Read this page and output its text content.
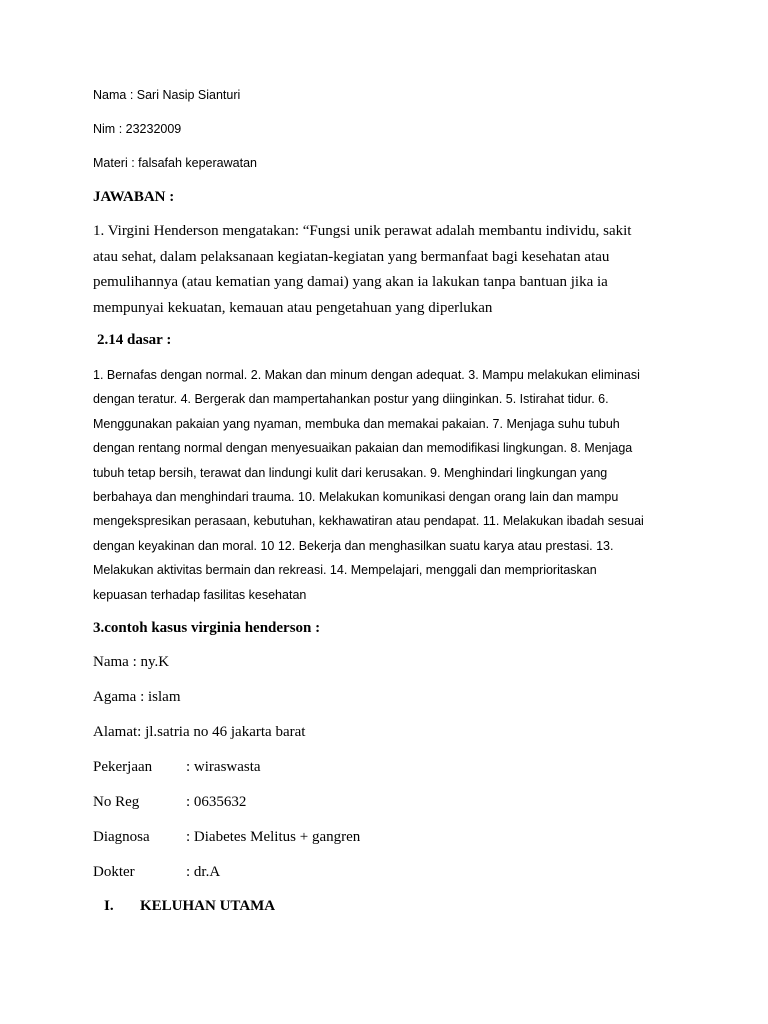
Nama : Sari Nasip Sianturi
Nim : 23232009
Materi : falsafah keperawatan
JAWABAN :
1. Virgini Henderson mengatakan: “Fungsi unik perawat adalah membantu individu, sakit
atau sehat, dalam pelaksanaan kegiatan-kegiatan yang bermanfaat bagi kesehatan atau
pemulihannya (atau kematian yang damai) yang akan ia lakukan tanpa bantuan jika ia
mempunyai kekuatan, kemauan atau pengetahuan yang diperlukan
2.14 dasar :
1. Bernafas dengan normal. 2. Makan dan minum dengan adequat. 3. Mampu melakukan eliminasi
dengan teratur. 4. Bergerak dan mampertahankan postur yang diinginkan. 5. Istirahat tidur. 6.
Menggunakan pakaian yang nyaman, membuka dan memakai pakaian. 7. Menjaga suhu tubuh
dengan rentang normal dengan menyesuaikan pakaian dan memodifikasi lingkungan. 8. Menjaga
tubuh tetap bersih, terawat dan lindungi kulit dari kerusakan. 9. Menghindari lingkungan yang
berbahaya dan menghindari trauma. 10. Melakukan komunikasi dengan orang lain dan mampu
mengekspresikan perasaan, kebutuhan, kekhawatiran atau pendapat. 11. Melakukan ibadah sesuai
dengan keyakinan dan moral. 10 12. Bekerja dan menghasilkan suatu karya atau prestasi. 13.
Melakukan aktivitas bermain dan rekreasi. 14. Mempelajari, menggali dan memprioritaskan
kepuasan terhadap fasilitas kesehatan
3.contoh kasus virginia henderson :
Nama : ny.K
Agama : islam
Alamat: jl.satria no 46 jakarta barat
Pekerjaan : wiraswasta
No Reg	: 0635632
Diagnosa : Diabetes Melitus + gangren
Dokter	: dr.A
I. KELUHAN UTAMA
